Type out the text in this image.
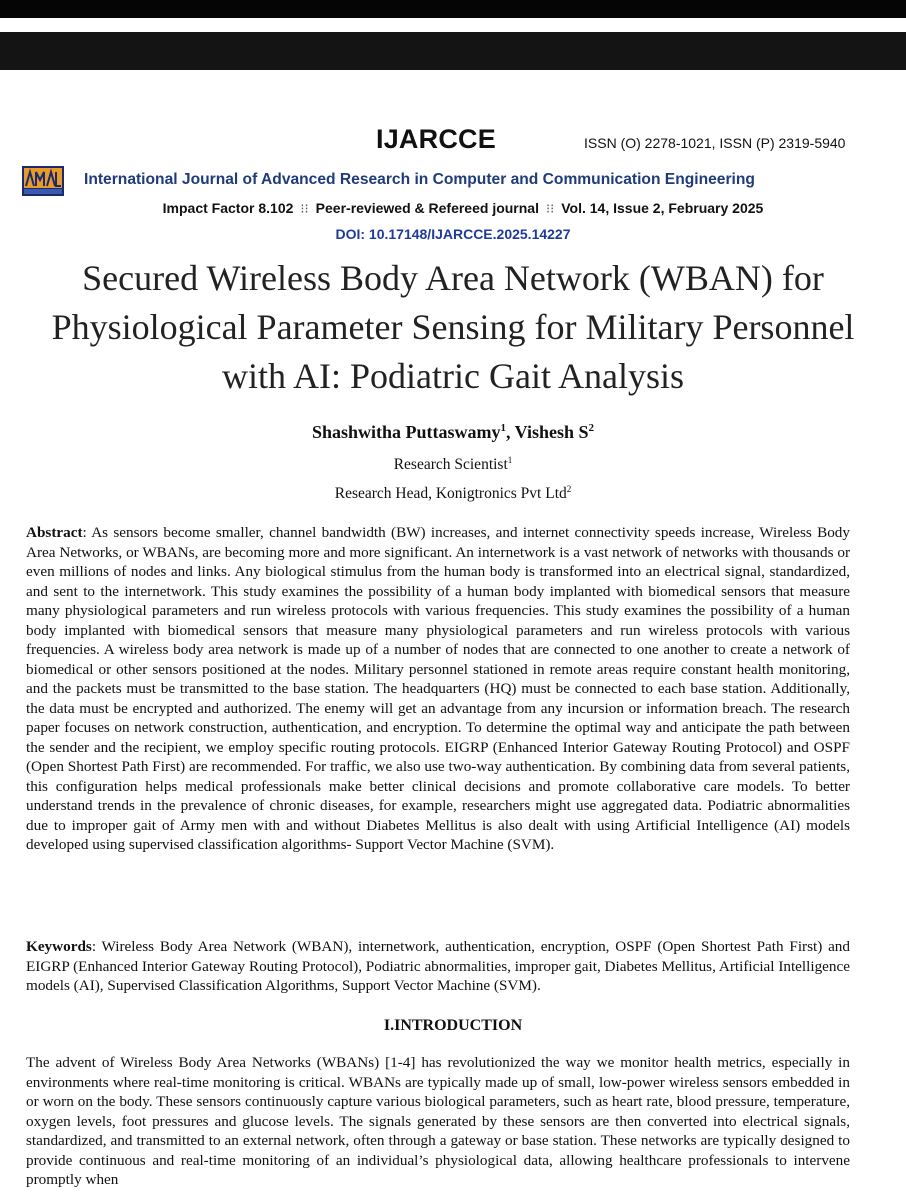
IJARCCE	ISSN (O) 2278-1021, ISSN (P) 2319-5940
International Journal of Advanced Research in Computer and Communication Engineering
Impact Factor 8.102 ⁝⁝ Peer-reviewed & Refereed journal ⁝⁝ Vol. 14, Issue 2, February 2025
DOI: 10.17148/IJARCCE.2025.14227
Secured Wireless Body Area Network (WBAN) for Physiological Parameter Sensing for Military Personnel with AI: Podiatric Gait Analysis
Shashwitha Puttaswamy$^1$, Vishesh $S^2$
Research Scientist$^1$
Research Head, Konigtronics Pvt Ltd$^2$

Abstract: As sensors become smaller, channel bandwidth (BW) increases, and internet connectivity speeds increase, Wireless Body Area Networks, or WBANs, are becoming more and more significant. An internetwork is a vast network of networks with thousands or even millions of nodes and links. Any biological stimulus from the human body is transformed into an electrical signal, standardized, and sent to the internetwork. This study examines the possibility of a human body implanted with biomedical sensors that measure many physiological parameters and run wireless protocols with various frequencies. This study examines the possibility of a human body implanted with biomedical sensors that measure many physiological parameters and run wireless protocols with various frequencies. A wireless body area network is made up of a number of nodes that are connected to one another to create a network of biomedical or other sensors positioned at the nodes. Military personnel stationed in remote areas require constant health monitoring, and the packets must be transmitted to the base station. The headquarters (HQ) must be connected to each base station. Additionally, the data must be encrypted and authorized. The enemy will get an advantage from any incursion or information breach. The research paper focuses on network construction, authentication, and encryption. To determine the optimal way and anticipate the path between the sender and the recipient, we employ specific routing protocols. EIGRP (Enhanced Interior Gateway Routing Protocol) and OSPF (Open Shortest Path First) are recommended. For traffic, we also use two-way authentication. By combining data from several patients, this configuration helps medical professionals make better clinical decisions and promote collaborative care models. To better understand trends in the prevalence of chronic diseases, for example, researchers might use aggregated data. Podiatric abnormalities due to improper gait of Army men with and without Diabetes Mellitus is also dealt with using Artificial Intelligence (AI) models developed using supervised classification algorithms- Support Vector Machine (SVM).

Keywords: Wireless Body Area Network (WBAN), internetwork, authentication, encryption, OSPF (Open Shortest Path First) and EIGRP (Enhanced Interior Gateway Routing Protocol), Podiatric abnormalities, improper gait, Diabetes Mellitus, Artificial Intelligence models (AI), Supervised Classification Algorithms, Support Vector Machine (SVM).

I.INTRODUCTION

The advent of Wireless Body Area Networks (WBANs) [1-4] has revolutionized the way we monitor health metrics, especially in environments where real-time monitoring is critical. WBANs are typically made up of small, low-power wireless sensors embedded in or worn on the body. These sensors continuously capture various biological parameters, such as heart rate, blood pressure, temperature, oxygen levels, foot pressures and glucose levels. The signals generated by these sensors are then converted into electrical signals, standardized, and transmitted to an external network, often through a gateway or base station. These networks are typically designed to provide continuous and real-time monitoring of an individual’s physiological data, allowing healthcare professionals to intervene promptly when
